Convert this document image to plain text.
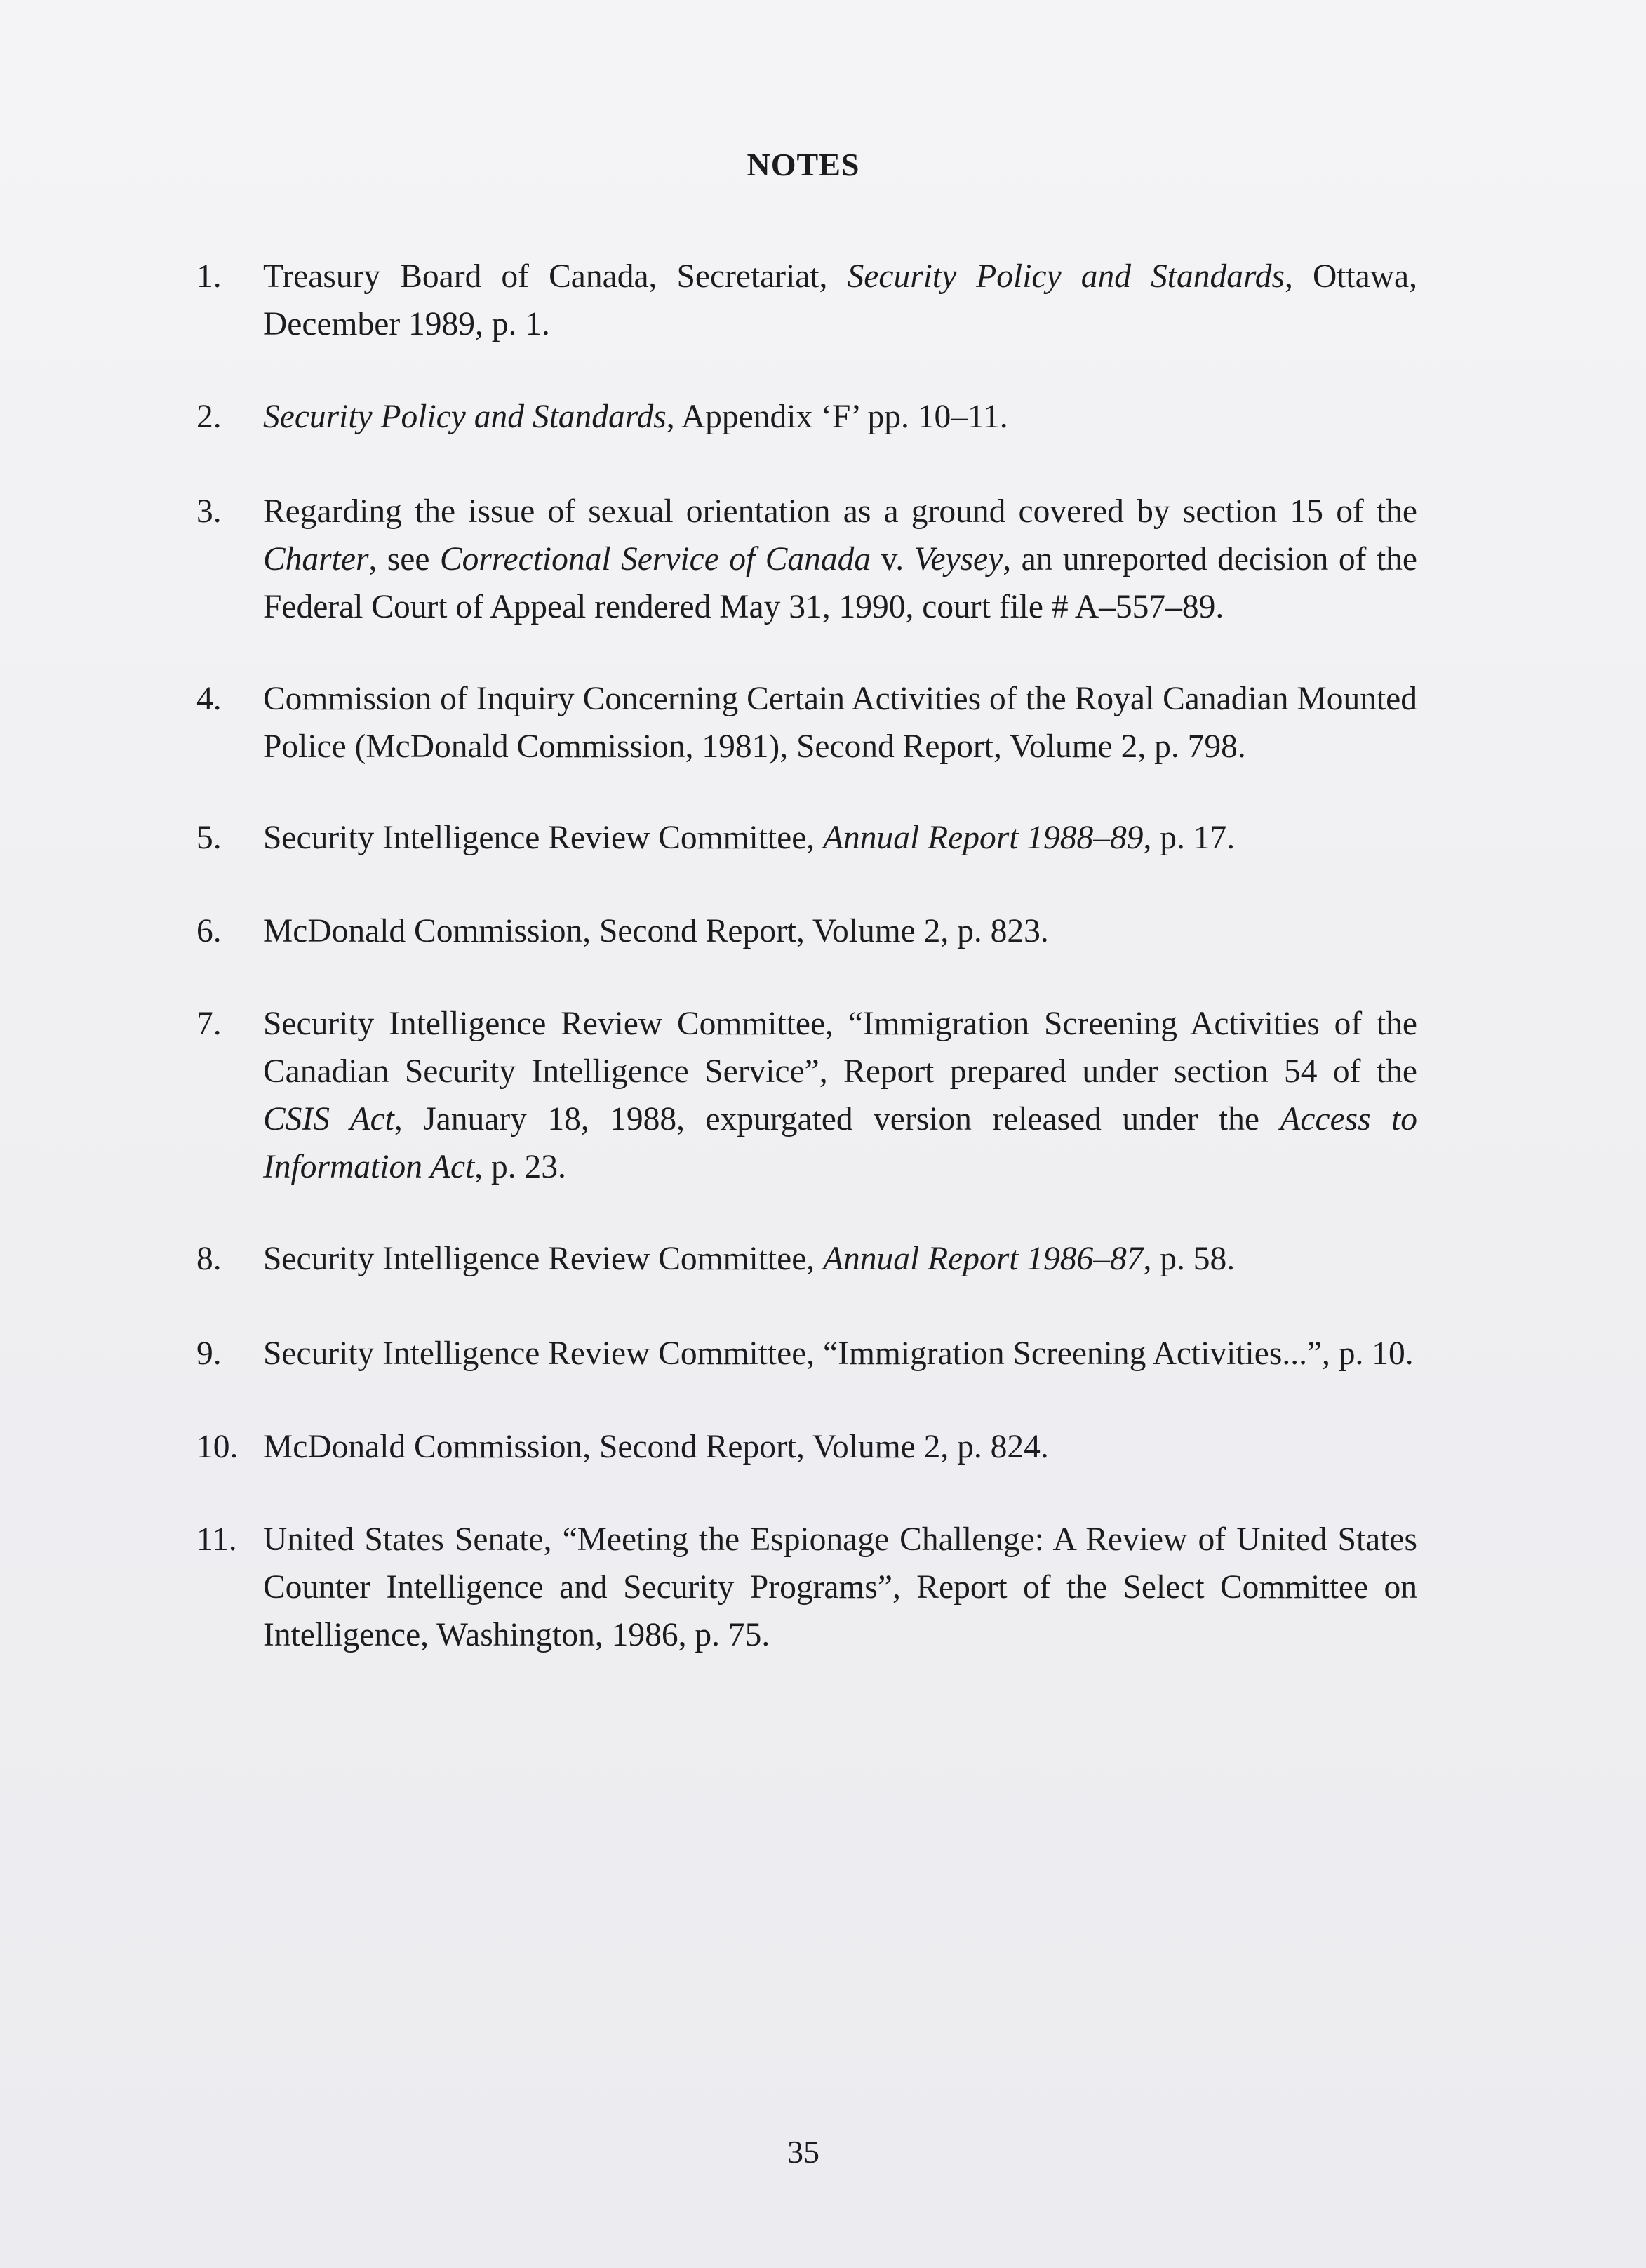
NOTES
1. Treasury Board of Canada, Secretariat, Security Policy and Standards, Ottawa, December 1989, p. 1.
2. Security Policy and Standards, Appendix ‘F’ pp. 10–11.
3. Regarding the issue of sexual orientation as a ground covered by section 15 of the Charter, see Correctional Service of Canada v. Veysey, an unreported decision of the Federal Court of Appeal rendered May 31, 1990, court file # A–557–89.
4. Commission of Inquiry Concerning Certain Activities of the Royal Canadian Mounted Police (McDonald Commission, 1981), Second Report, Volume 2, p. 798.
5. Security Intelligence Review Committee, Annual Report 1988–89, p. 17.
6. McDonald Commission, Second Report, Volume 2, p. 823.
7. Security Intelligence Review Committee, “Immigration Screening Activities of the Canadian Security Intelligence Service”, Report prepared under section 54 of the CSIS Act, January 18, 1988, expurgated version released under the Access to Information Act, p. 23.
8. Security Intelligence Review Committee, Annual Report 1986–87, p. 58.
9. Security Intelligence Review Committee, “Immigration Screening Activities...”, p. 10.
10. McDonald Commission, Second Report, Volume 2, p. 824.
11. United States Senate, “Meeting the Espionage Challenge: A Review of United States Counter Intelligence and Security Programs”, Report of the Select Committee on Intelligence, Washington, 1986, p. 75.
35
